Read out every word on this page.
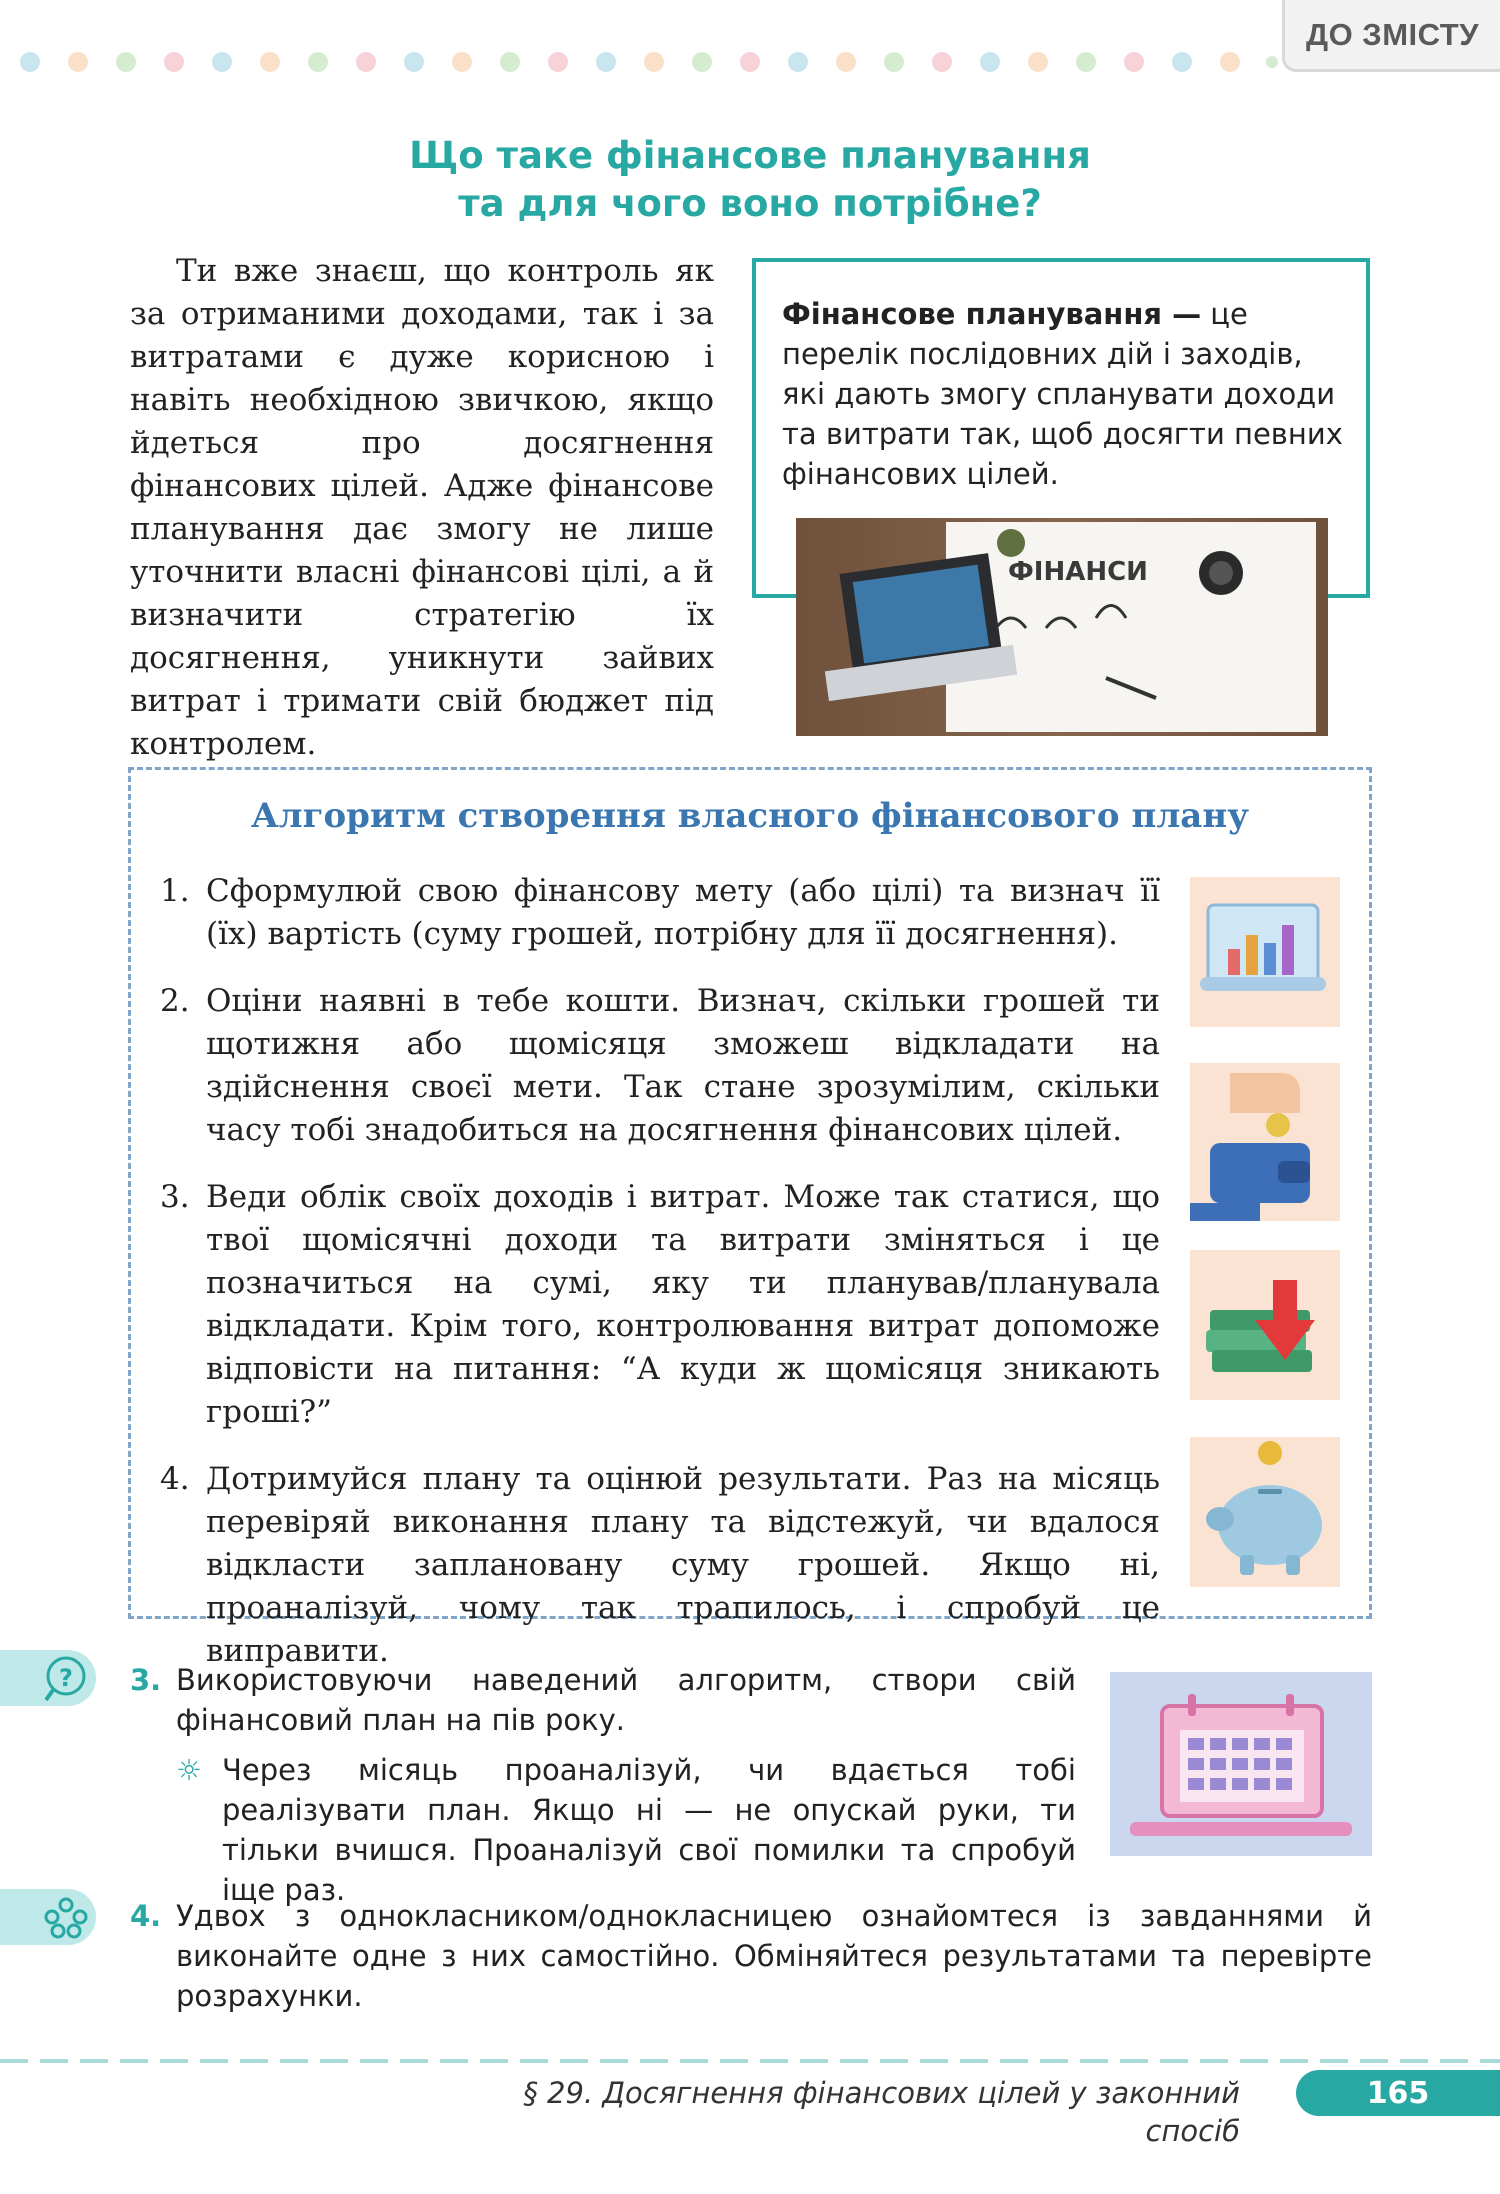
ДО ЗМІСТУ
Що таке фінансове планування
та для чого воно потрібне?

Ти вже знаєш, що контроль як за отриманими доходами, так і за витратами є дуже корисною і навіть необхідною звичкою, якщо йдеться про досягнення фінансових цілей. Адже фінансове планування дає змогу не лише уточнити власні фінансові цілі, а й визначити стратегію їх досягнення, уникнути зайвих витрат і тримати свій бюджет під контролем.

Фінансове планування — це перелік послідовних дій і заходів, які дають змогу спланувати доходи та витрати так, щоб досягти певних фінансових цілей.
ФІНАНСИ
Алгоритм створення власного фінансового плану
1. Сформулюй свою фінансову мету (або цілі) та визнач її (їх) вартість (суму грошей, потрібну для її досягнення).
2. Оціни наявні в тебе кошти. Визнач, скільки грошей ти щотижня або щомісяця зможеш відкладати на здійснення своєї мети. Так стане зрозумілим, скільки часу тобі знадобиться на досягнення фінансових цілей.
3. Веди облік своїх доходів і витрат. Може так статися, що твої щомісячні доходи та витрати зміняться і це позначиться на сумі, яку ти планував/планувала відкладати. Крім того, контролювання витрат допоможе відповісти на питання: “А куди ж щомісяця зникають гроші?”
4. Дотримуйся плану та оцінюй результати. Раз на місяць перевіряй виконання плану та відстежуй, чи вдалося відкласти заплановану суму грошей. Якщо ні, проаналізуй, чому так трапилось, і спробуй це виправити.
? 3. Використовуючи наведений алгоритм, створи свій фінансовий план на пів року.
☼ Через місяць проаналізуй, чи вдається тобі реалізувати план. Якщо ні — не опускай руки, ти тільки вчишся. Проаналізуй свої помилки та спробуй іще раз.
4. Удвох з однокласником/однокласницею ознайомтеся із завданнями й виконайте одне з них самостійно. Обміняйтеся результатами та перевірте розрахунки.
§ 29. Досягнення фінансових цілей у законний спосіб
165
